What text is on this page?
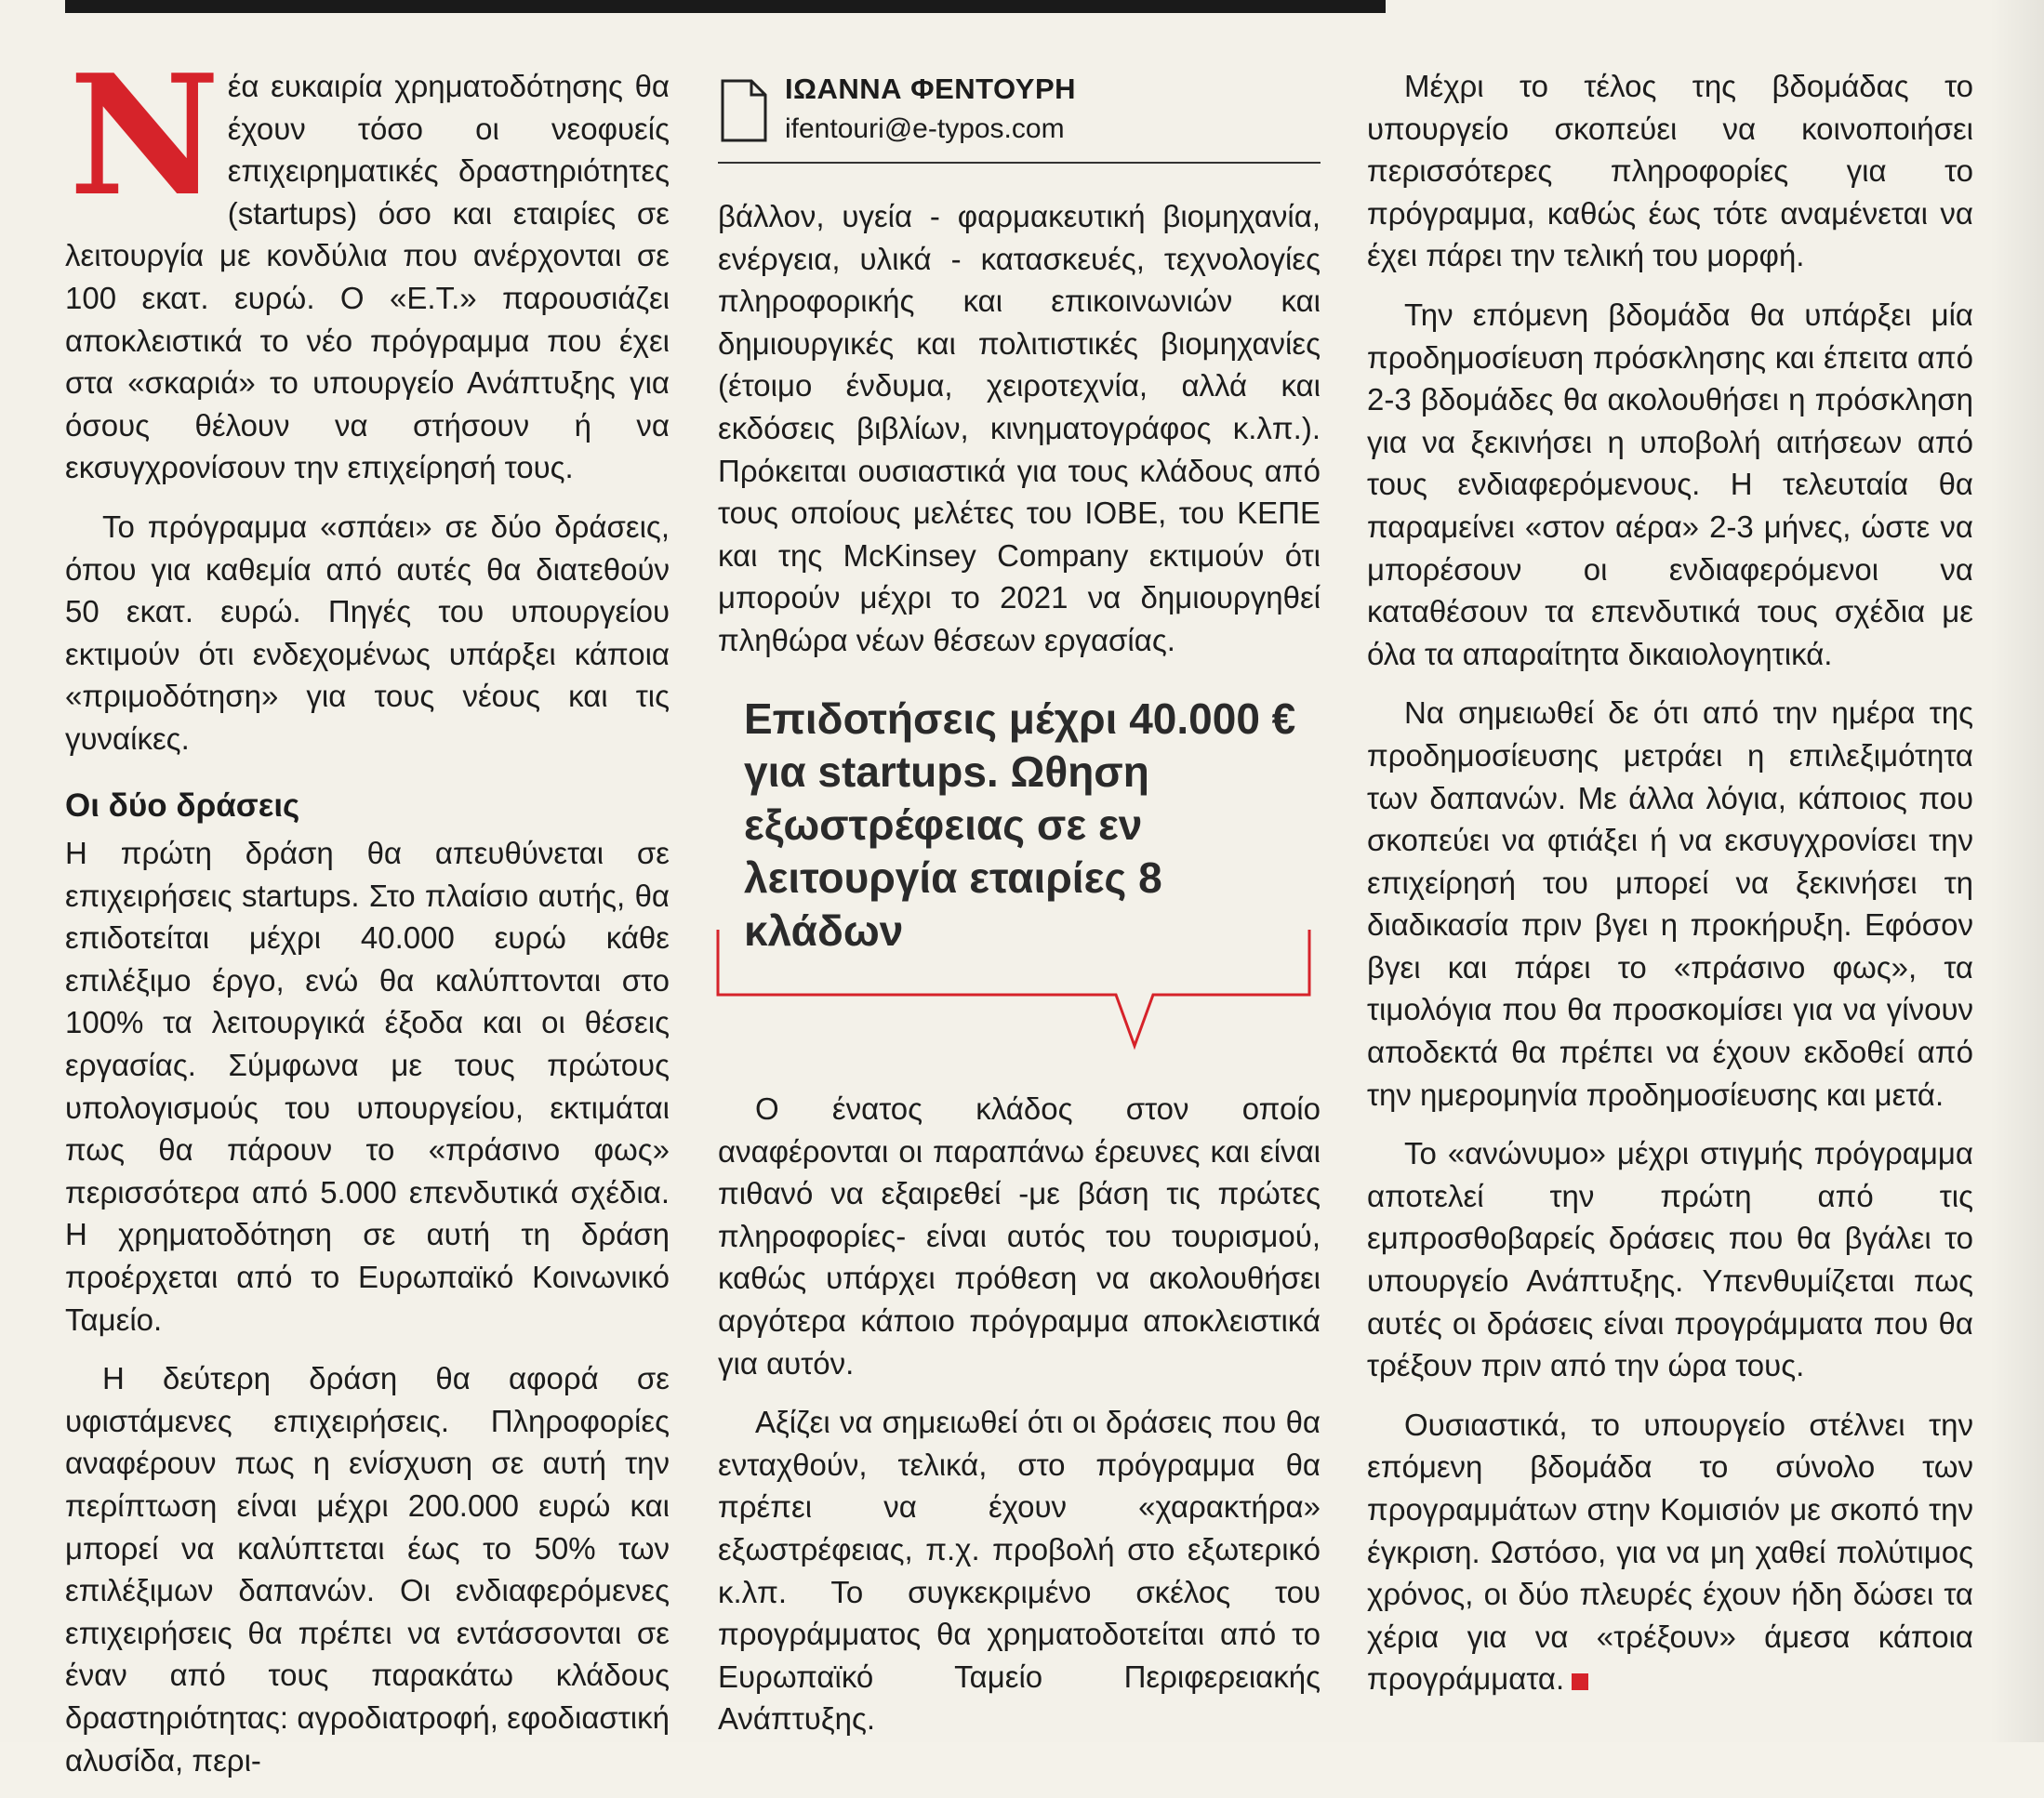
Nέα ευκαιρία χρηματοδότησης θα έχουν τόσο οι νεοφυείς επιχειρηματικές δραστηριότητες (startups) όσο και εταιρίες σε λειτουργία με κονδύλια που ανέρχονται σε 100 εκατ. ευρώ. Ο «Ε.Τ.» παρουσιάζει αποκλειστικά το νέο πρόγραμμα που έχει στα «σκαριά» το υπουργείο Ανάπτυξης για όσους θέλουν να στήσουν ή να εκσυγχρονίσουν την επιχείρησή τους.

Το πρόγραμμα «σπάει» σε δύο δράσεις, όπου για καθεμία από αυτές θα διατεθούν 50 εκατ. ευρώ. Πηγές του υπουργείου εκτιμούν ότι ενδεχομένως υπάρξει κάποια «πριμοδότηση» για τους νέους και τις γυναίκες.

Οι δύο δράσεις

Η πρώτη δράση θα απευθύνεται σε επιχειρήσεις startups. Στο πλαίσιο αυτής, θα επιδοτείται μέχρι 40.000 ευρώ κάθε επιλέξιμο έργο, ενώ θα καλύπτονται στο 100% τα λειτουργικά έξοδα και οι θέσεις εργασίας. Σύμφωνα με τους πρώτους υπολογισμούς του υπουργείου, εκτιμάται πως θα πάρουν το «πράσινο φως» περισσότερα από 5.000 επενδυτικά σχέδια. Η χρηματοδότηση σε αυτή τη δράση προέρχεται από το Ευρωπαϊκό Κοινωνικό Ταμείο.

Η δεύτερη δράση θα αφορά σε υφιστάμενες επιχειρήσεις. Πληροφορίες αναφέρουν πως η ενίσχυση σε αυτή την περίπτωση είναι μέχρι 200.000 ευρώ και μπορεί να καλύπτεται έως το 50% των επιλέξιμων δαπανών. Οι ενδιαφερόμενες επιχειρήσεις θα πρέπει να εντάσσονται σε έναν από τους παρακάτω κλάδους δραστηριότητας: αγροδιατροφή, εφοδιαστική αλυσίδα, περι-

ΙΩΑΝΝΑ ΦΕΝΤΟΥΡΗ
ifentouri@e-typos.com

βάλλον, υγεία - φαρμακευτική βιομηχανία, ενέργεια, υλικά - κατασκευές, τεχνολογίες πληροφορικής και επικοινωνιών και δημιουργικές και πολιτιστικές βιομηχανίες (έτοιμο ένδυμα, χειροτεχνία, αλλά και εκδόσεις βιβλίων, κινηματογράφος κ.λπ.). Πρόκειται ουσιαστικά για τους κλάδους από τους οποίους μελέτες του ΙΟΒΕ, του ΚΕΠΕ και της McKinsey Company εκτιμούν ότι μπορούν μέχρι το 2021 να δημιουργηθεί πληθώρα νέων θέσεων εργασίας.

Επιδοτήσεις μέχρι 40.000 € για startups. Ωθηση εξωστρέφειας σε εν λειτουργία εταιρίες 8 κλάδων

Ο ένατος κλάδος στον οποίο αναφέρονται οι παραπάνω έρευνες και είναι πιθανό να εξαιρεθεί -με βάση τις πρώτες πληροφορίες- είναι αυτός του τουρισμού, καθώς υπάρχει πρόθεση να ακολουθήσει αργότερα κάποιο πρόγραμμα αποκλειστικά για αυτόν.

Αξίζει να σημειωθεί ότι οι δράσεις που θα ενταχθούν, τελικά, στο πρόγραμμα θα πρέπει να έχουν «χαρακτήρα» εξωστρέφειας, π.χ. προβολή στο εξωτερικό κ.λπ. Το συγκεκριμένο σκέλος του προγράμματος θα χρηματοδοτείται από το Ευρωπαϊκό Ταμείο Περιφερειακής Ανάπτυξης.

Μέχρι το τέλος της βδομάδας το υπουργείο σκοπεύει να κοινοποιήσει περισσότερες πληροφορίες για το πρόγραμμα, καθώς έως τότε αναμένεται να έχει πάρει την τελική του μορφή.

Την επόμενη βδομάδα θα υπάρξει μία προδημοσίευση πρόσκλησης και έπειτα από 2-3 βδομάδες θα ακολουθήσει η πρόσκληση για να ξεκινήσει η υποβολή αιτήσεων από τους ενδιαφερόμενους. Η τελευταία θα παραμείνει «στον αέρα» 2-3 μήνες, ώστε να μπορέσουν οι ενδιαφερόμενοι να καταθέσουν τα επενδυτικά τους σχέδια με όλα τα απαραίτητα δικαιολογητικά.

Να σημειωθεί δε ότι από την ημέρα της προδημοσίευσης μετράει η επιλεξιμότητα των δαπανών. Με άλλα λόγια, κάποιος που σκοπεύει να φτιάξει ή να εκσυγχρονίσει την επιχείρησή του μπορεί να ξεκινήσει τη διαδικασία πριν βγει η προκήρυξη. Εφόσον βγει και πάρει το «πράσινο φως», τα τιμολόγια που θα προσκομίσει για να γίνουν αποδεκτά θα πρέπει να έχουν εκδοθεί από την ημερομηνία προδημοσίευσης και μετά.

Το «ανώνυμο» μέχρι στιγμής πρόγραμμα αποτελεί την πρώτη από τις εμπροσθοβαρείς δράσεις που θα βγάλει το υπουργείο Ανάπτυξης. Υπενθυμίζεται πως αυτές οι δράσεις είναι προγράμματα που θα τρέξουν πριν από την ώρα τους.

Ουσιαστικά, το υπουργείο στέλνει την επόμενη βδομάδα το σύνολο των προγραμμάτων στην Κομισιόν με σκοπό την έγκριση. Ωστόσο, για να μη χαθεί πολύτιμος χρόνος, οι δύο πλευρές έχουν ήδη δώσει τα χέρια για να «τρέξουν» άμεσα κάποια προγράμματα.
